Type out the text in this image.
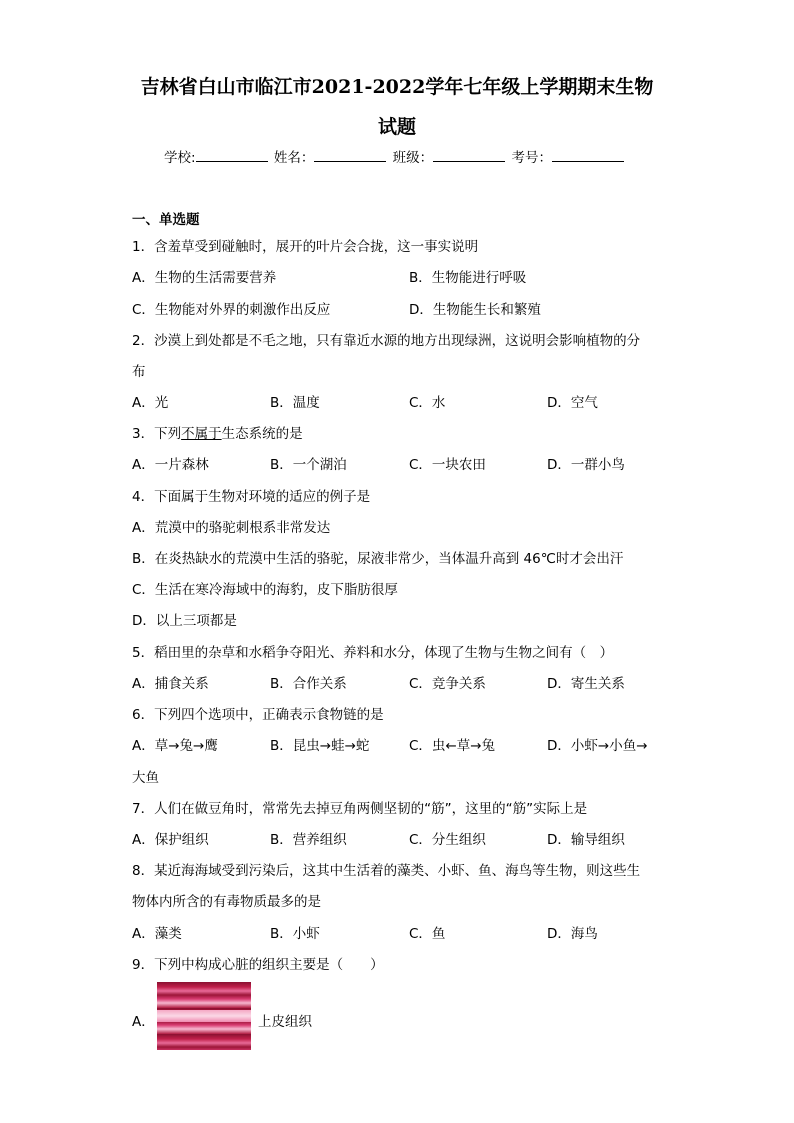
吉林省白山市临江市2021-2022学年七年级上学期期末生物
试题
学校:	姓名：	班级：	考号：
一、单选题
1．含羞草受到碰触时，展开的叶片会合拢，这一事实说明
A．生物的生活需要营养	B．生物能进行呼吸
C．生物能对外界的刺激作出反应	D．生物能生长和繁殖
2．沙漠上到处都是不毛之地，只有靠近水源的地方出现绿洲，这说明会影响植物的分
布
A．光	B．温度	C．水	D．空气
3．下列不属于生态系统的是
A．一片森林	B．一个湖泊	C．一块农田	D．一群小鸟
4．下面属于生物对环境的适应的例子是
A．荒漠中的骆驼刺根系非常发达
B．在炎热缺水的荒漠中生活的骆驼，尿液非常少，当体温升高到 46℃时才会出汗
C．生活在寒冷海域中的海豹，皮下脂肪很厚
D．以上三项都是
5．稻田里的杂草和水稻争夺阳光、养料和水分，体现了生物与生物之间有（　）
A．捕食关系	B．合作关系	C．竞争关系	D．寄生关系
6．下列四个选项中，正确表示食物链的是
A．草→兔→鹰	B．昆虫→蛙→蛇	C．虫←草→兔	D．小虾→小鱼→
大鱼
7．人们在做豆角时，常常先去掉豆角两侧坚韧的“筋”，这里的“筋”实际上是
A．保护组织	B．营养组织	C．分生组织	D．输导组织
8．某近海海域受到污染后，这其中生活着的藻类、小虾、鱼、海鸟等生物，则这些生
物体内所含的有毒物质最多的是
A．藻类	B．小虾	C．鱼	D．海鸟
9．下列中构成心脏的组织主要是（　　）
A．	上皮组织
